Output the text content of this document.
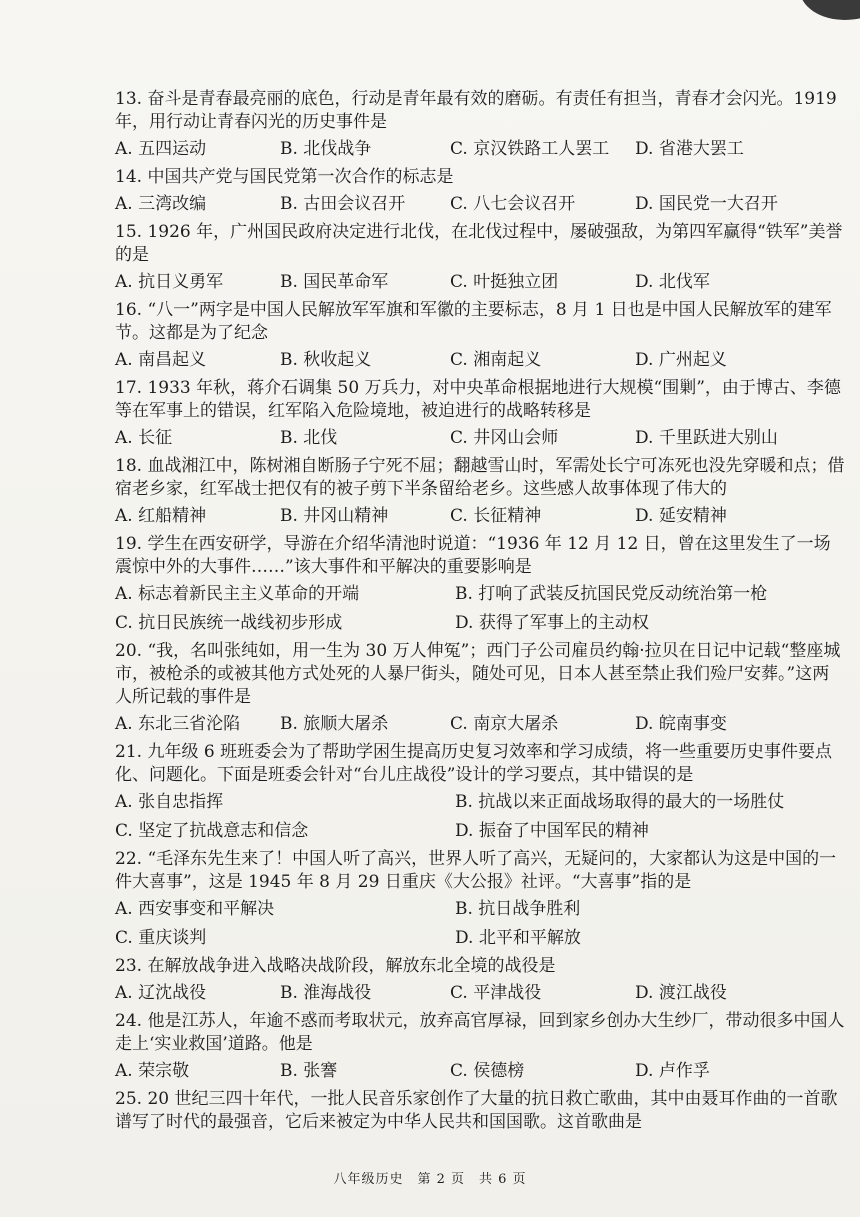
13. 奋斗是青春最亮丽的底色，行动是青年最有效的磨砺。有责任有担当，青春才会闪光。1919 年，用行动让青春闪光的历史事件是
A. 五四运动	B. 北伐战争	C. 京汉铁路工人罢工	D. 省港大罢工
14. 中国共产党与国民党第一次合作的标志是
A. 三湾改编	B. 古田会议召开	C. 八七会议召开	D. 国民党一大召开
15. 1926 年，广州国民政府决定进行北伐，在北伐过程中，屡破强敌，为第四军赢得“铁军”美誉的是
A. 抗日义勇军	B. 国民革命军	C. 叶挺独立团	D. 北伐军
16. “八一”两字是中国人民解放军军旗和军徽的主要标志，8 月 1 日也是中国人民解放军的建军节。这都是为了纪念
A. 南昌起义	B. 秋收起义	C. 湘南起义	D. 广州起义
17. 1933 年秋，蒋介石调集 50 万兵力，对中央革命根据地进行大规模“围剿”，由于博古、李德等在军事上的错误，红军陷入危险境地，被迫进行的战略转移是
A. 长征	B. 北伐	C. 井冈山会师	D. 千里跃进大别山
18. 血战湘江中，陈树湘自断肠子宁死不屈；翻越雪山时，军需处长宁可冻死也没先穿暖和点；借宿老乡家，红军战士把仅有的被子剪下半条留给老乡。这些感人故事体现了伟大的
A. 红船精神	B. 井冈山精神	C. 长征精神	D. 延安精神
19. 学生在西安研学，导游在介绍华清池时说道：“1936 年 12 月 12 日，曾在这里发生了一场震惊中外的大事件……”该大事件和平解决的重要影响是
A. 标志着新民主主义革命的开端	B. 打响了武装反抗国民党反动统治第一枪
C. 抗日民族统一战线初步形成	D. 获得了军事上的主动权
20. “我，名叫张纯如，用一生为 30 万人伸冤”；西门子公司雇员约翰·拉贝在日记中记载“整座城市，被枪杀的或被其他方式处死的人暴尸街头，随处可见，日本人甚至禁止我们殓尸安葬。”这两人所记载的事件是
A. 东北三省沦陷	B. 旅顺大屠杀	C. 南京大屠杀	D. 皖南事变
21. 九年级 6 班班委会为了帮助学困生提高历史复习效率和学习成绩，将一些重要历史事件要点化、问题化。下面是班委会针对“台儿庄战役”设计的学习要点，其中错误的是
A. 张自忠指挥	B. 抗战以来正面战场取得的最大的一场胜仗
C. 坚定了抗战意志和信念	D. 振奋了中国军民的精神
22. “毛泽东先生来了！中国人听了高兴，世界人听了高兴，无疑问的，大家都认为这是中国的一件大喜事”，这是 1945 年 8 月 29 日重庆《大公报》社评。“大喜事”指的是
A. 西安事变和平解决	B. 抗日战争胜利
C. 重庆谈判	D. 北平和平解放
23. 在解放战争进入战略决战阶段，解放东北全境的战役是
A. 辽沈战役	B. 淮海战役	C. 平津战役	D. 渡江战役
24. 他是江苏人，年逾不惑而考取状元，放弃高官厚禄，回到家乡创办大生纱厂，带动很多中国人走上‘实业救国’道路。他是
A. 荣宗敬	B. 张謇	C. 侯德榜	D. 卢作孚
25. 20 世纪三四十年代，一批人民音乐家创作了大量的抗日救亡歌曲，其中由聂耳作曲的一首歌谱写了时代的最强音，它后来被定为中华人民共和国国歌。这首歌曲是
八年级历史　第 2 页　共 6 页
